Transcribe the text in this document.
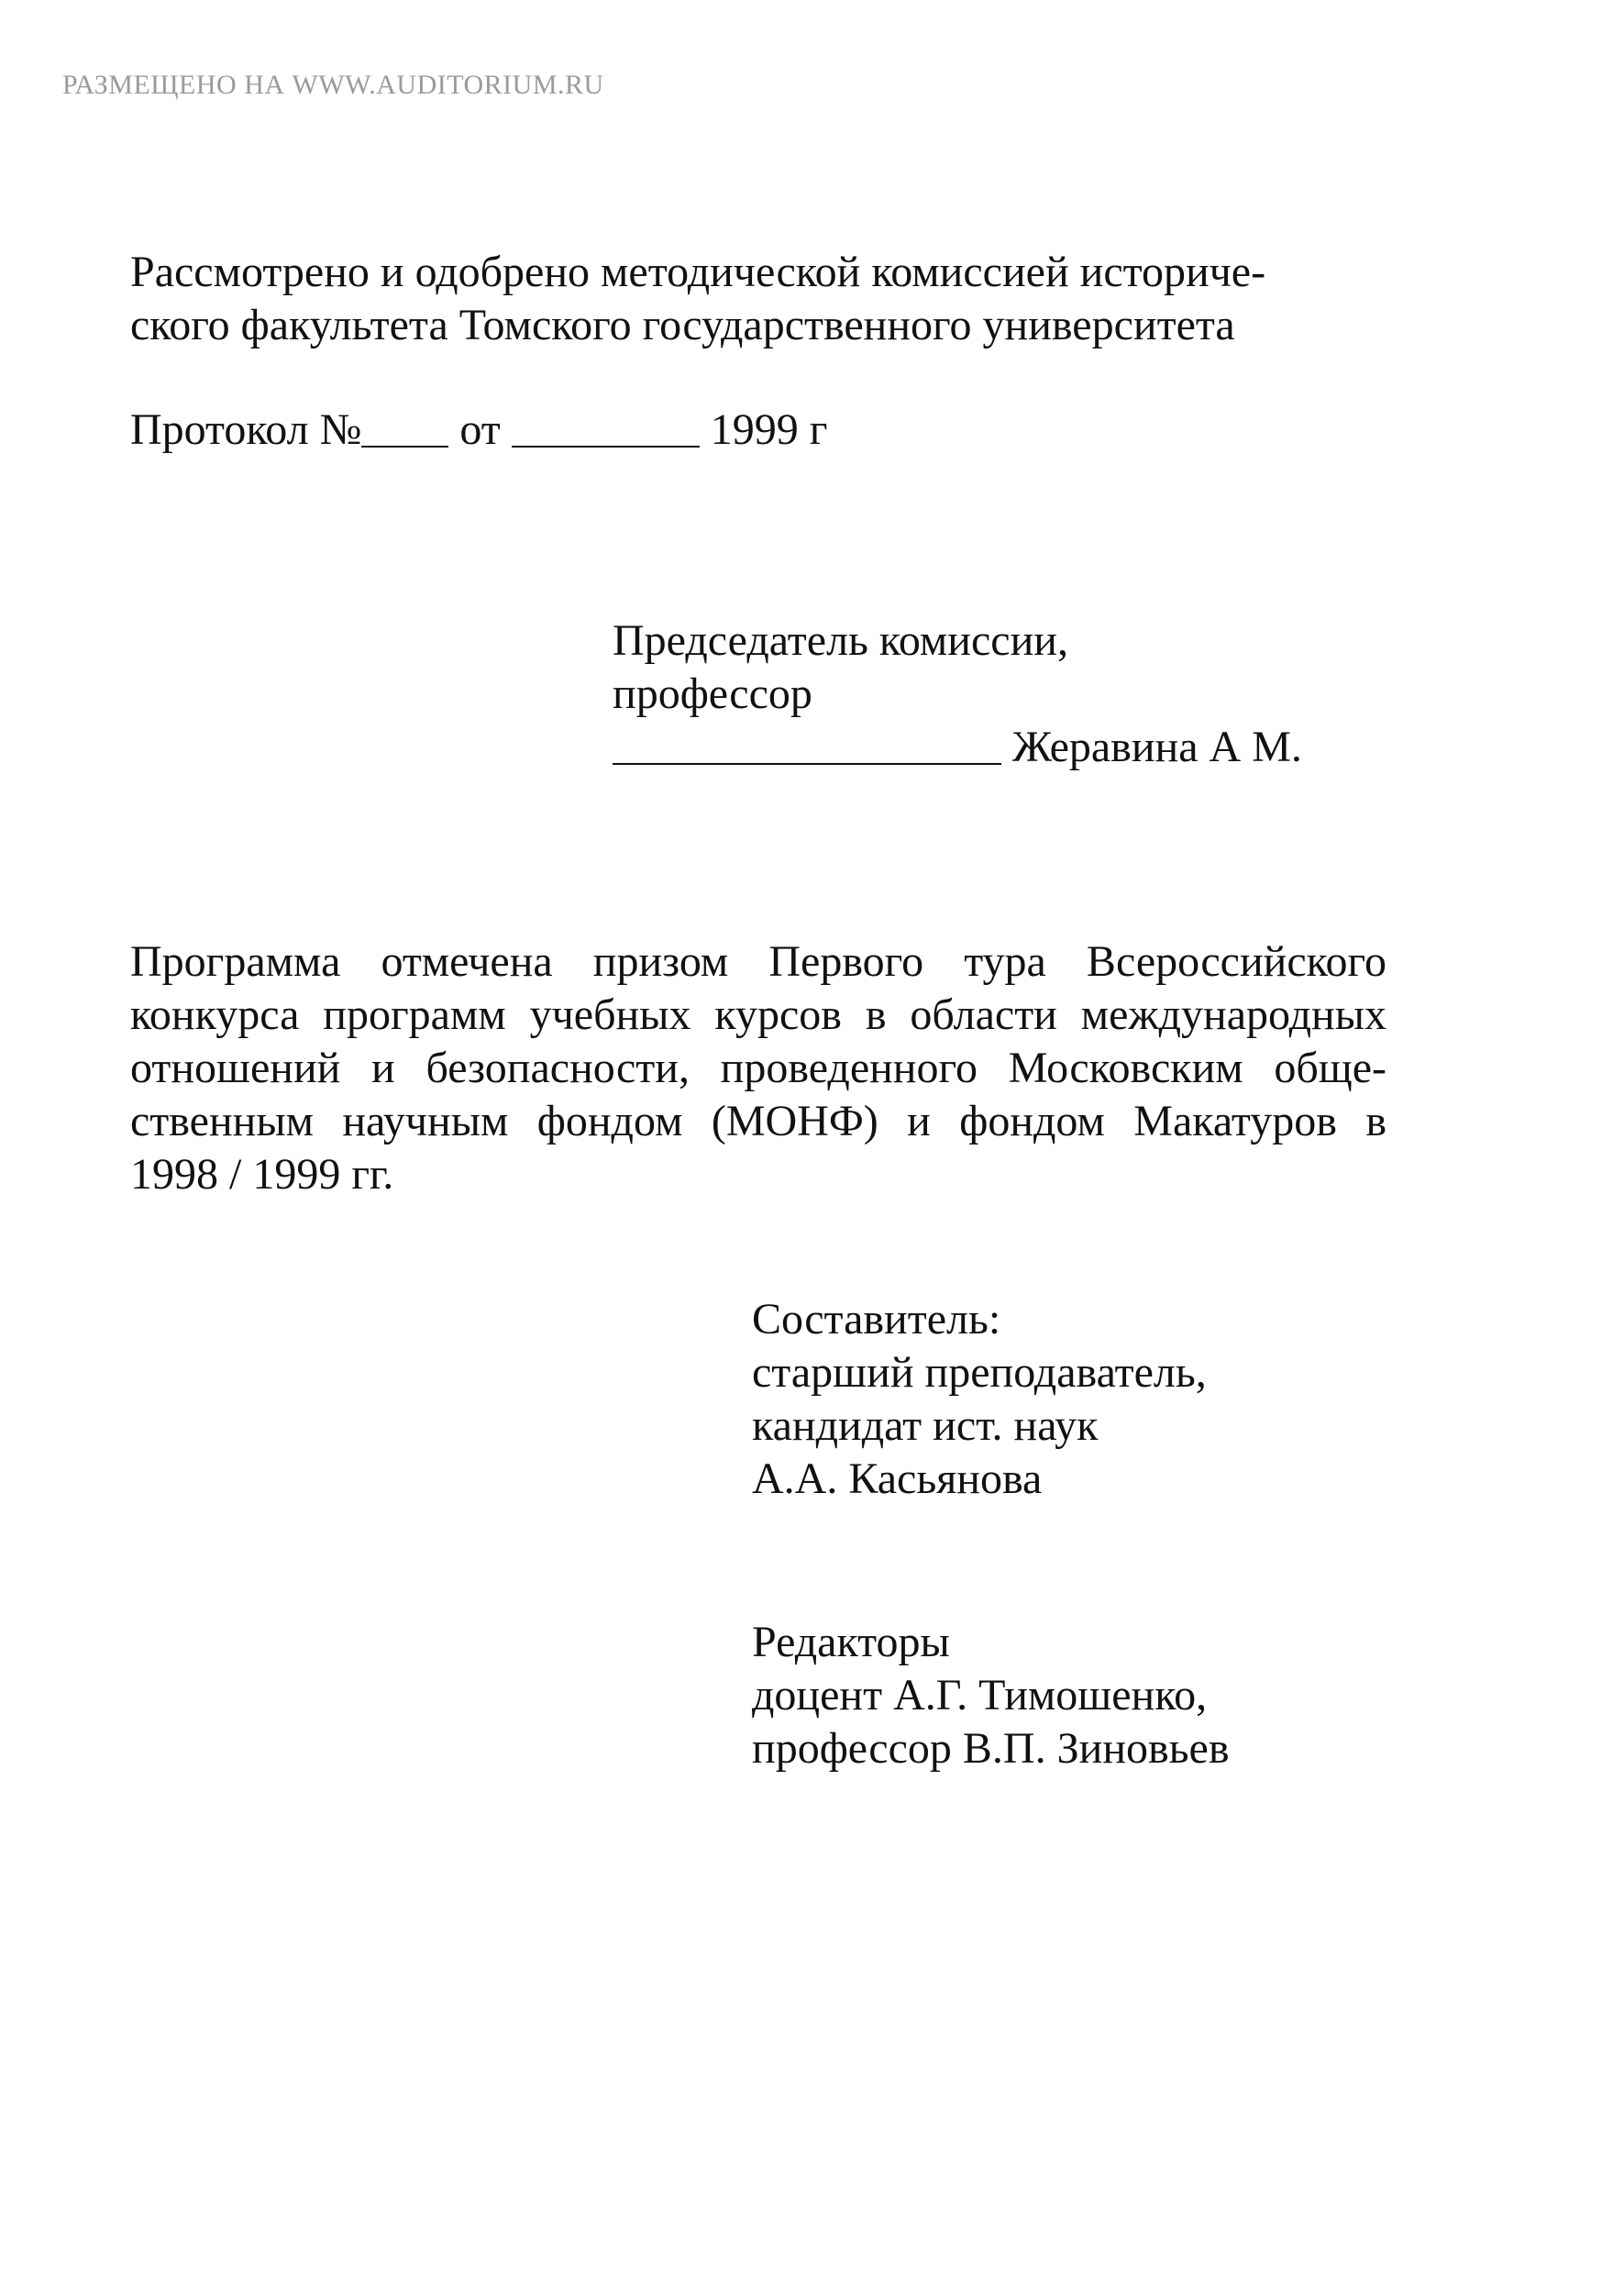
РАЗМЕЩЕНО НА WWW.AUDITORIUM.RU
Рассмотрено и одобрено методической комиссией историче-
ского факультета Томского государственного университета
Протокол № от	1999 г
Председатель комиссии,
профессор
Жеравина А М.
Программа отмечена призом Первого тура Всероссийского
конкурса программ учебных курсов в области международных
отношений и безопасности, проведенного Московским обще-
ственным научным фондом (МОНФ) и фондом Макатуров в
1998 / 1999 гг.
Составитель:
старший преподаватель,
кандидат ист. наук
А.А. Касьянова
Редакторы
доцент А.Г. Тимошенко,
профессор В.П. Зиновьев
